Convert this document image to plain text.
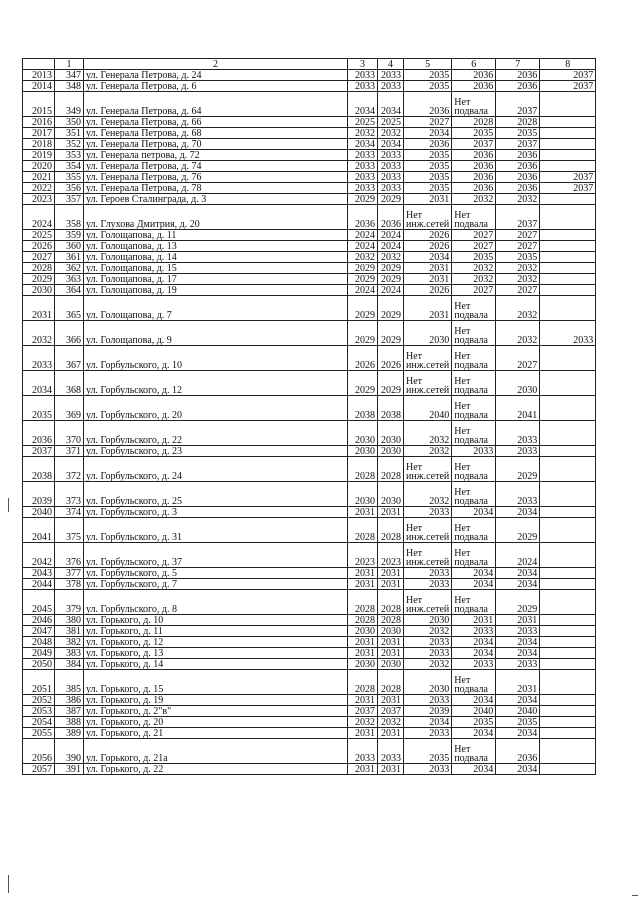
	1	2	3	4	5	6	7	8
2013	347	ул. Генерала Петрова, д. 24	2033	2033	2035	2036	2036	2037
2014	348	ул. Генерала Петрова, д. 6	2033	2033	2035	2036	2036	2037
2015	349	ул. Генерала Петрова, д. 64	2034	2034	2036	Нет подвала	2037	
2016	350	ул. Генерала Петрова, д. 66	2025	2025	2027	2028	2028	
2017	351	ул. Генерала Петрова, д. 68	2032	2032	2034	2035	2035	
2018	352	ул. Генерала Петрова, д. 70	2034	2034	2036	2037	2037	
2019	353	ул. Генерала петрова, д. 72	2033	2033	2035	2036	2036	
2020	354	ул. Генерала Петрова, д. 74	2033	2033	2035	2036	2036	
2021	355	ул. Генерала Петрова, д. 76	2033	2033	2035	2036	2036	2037
2022	356	ул. Генерала Петрова, д. 78	2033	2033	2035	2036	2036	2037
2023	357	ул. Героев Сталинграда, д. 3	2029	2029	2031	2032	2032	
2024	358	ул. Глухова Дмитрия, д. 20	2036	2036	Нет инж.сетей	Нет подвала	2037	
2025	359	ул. Голощапова, д. 11	2024	2024	2026	2027	2027	
2026	360	ул. Голощапова, д. 13	2024	2024	2026	2027	2027	
2027	361	ул. Голощапова, д. 14	2032	2032	2034	2035	2035	
2028	362	ул. Голощапова, д. 15	2029	2029	2031	2032	2032	
2029	363	ул. Голощапова, д. 17	2029	2029	2031	2032	2032	
2030	364	ул. Голощапова, д. 19	2024	2024	2026	2027	2027	
2031	365	ул. Голощапова, д. 7	2029	2029	2031	Нет подвала	2032	
2032	366	ул. Голощапова, д. 9	2029	2029	2030	Нет подвала	2032	2033
2033	367	ул. Горбульского, д. 10	2026	2026	Нет инж.сетей	Нет подвала	2027	
2034	368	ул. Горбульского, д. 12	2029	2029	Нет инж.сетей	Нет подвала	2030	
2035	369	ул. Горбульского, д. 20	2038	2038	2040	Нет подвала	2041	
2036	370	ул. Горбульского, д. 22	2030	2030	2032	Нет подвала	2033	
2037	371	ул. Горбульского, д. 23	2030	2030	2032	2033	2033	
2038	372	ул. Горбульского, д. 24	2028	2028	Нет инж.сетей	Нет подвала	2029	
2039	373	ул. Горбульского, д. 25	2030	2030	2032	Нет подвала	2033	
2040	374	ул. Горбульского, д. 3	2031	2031	2033	2034	2034	
2041	375	ул. Горбульского, д. 31	2028	2028	Нет инж.сетей	Нет подвала	2029	
2042	376	ул. Горбульского, д. 37	2023	2023	Нет инж.сетей	Нет подвала	2024	
2043	377	ул. Горбульского, д. 5	2031	2031	2033	2034	2034	
2044	378	ул. Горбульского, д. 7	2031	2031	2033	2034	2034	
2045	379	ул. Горбульского, д. 8	2028	2028	Нет инж.сетей	Нет подвала	2029	
2046	380	ул. Горького, д. 10	2028	2028	2030	2031	2031	
2047	381	ул. Горького, д. 11	2030	2030	2032	2033	2033	
2048	382	ул. Горького, д. 12	2031	2031	2033	2034	2034	
2049	383	ул. Горького, д. 13	2031	2031	2033	2034	2034	
2050	384	ул. Горького, д. 14	2030	2030	2032	2033	2033	
2051	385	ул. Горького, д. 15	2028	2028	2030	Нет подвала	2031	
2052	386	ул. Горького, д. 19	2031	2031	2033	2034	2034	
2053	387	ул. Горького, д. 2"в"	2037	2037	2039	2040	2040	
2054	388	ул. Горького, д. 20	2032	2032	2034	2035	2035	
2055	389	ул. Горького, д. 21	2031	2031	2033	2034	2034	
2056	390	ул. Горького, д. 21а	2033	2033	2035	Нет подвала	2036	
2057	391	ул. Горького, д. 22	2031	2031	2033	2034	2034	
